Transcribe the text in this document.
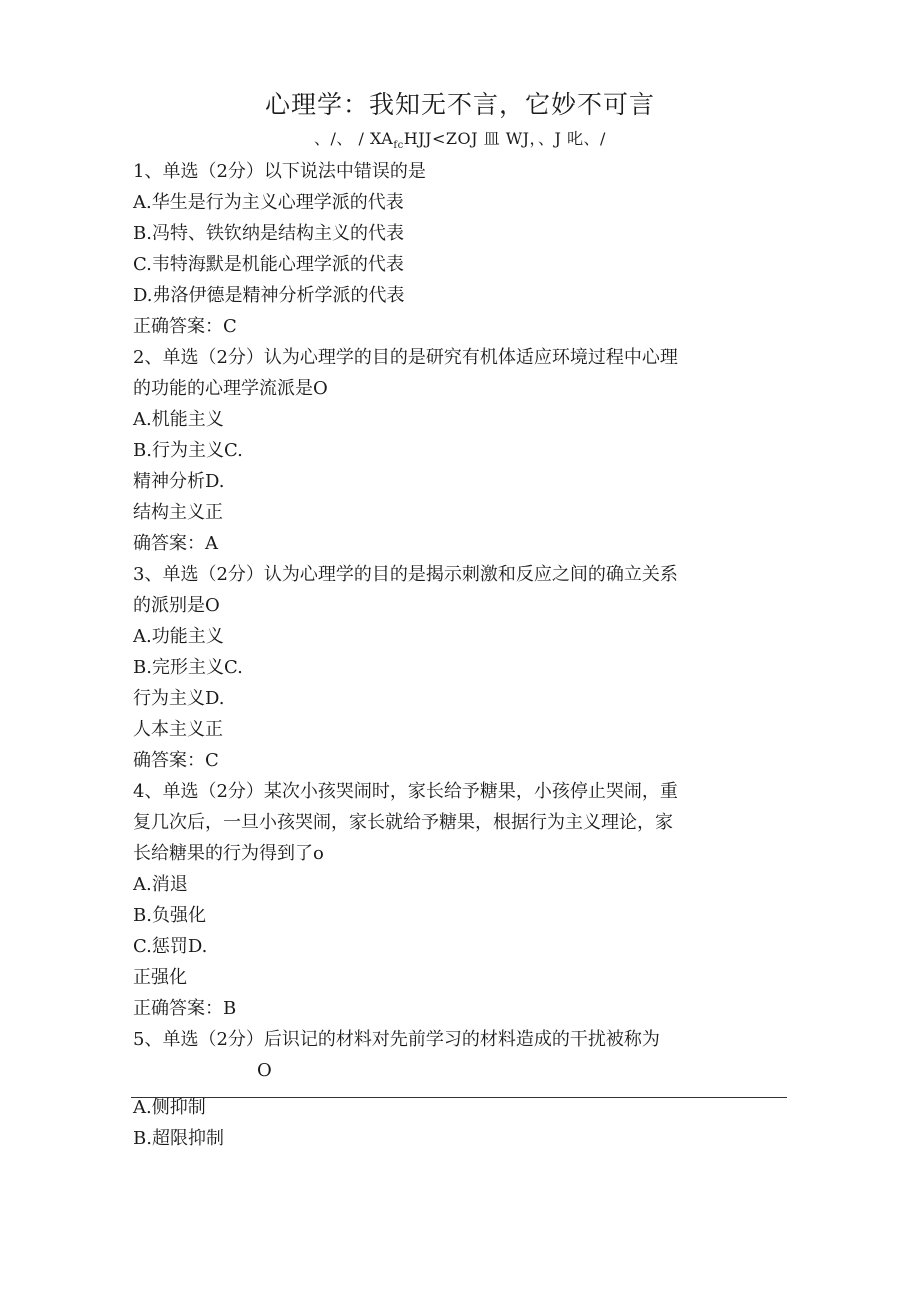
心理学：我知无不言，它妙不可言
、/、 / $XA_{fc}HJJ<ZOJ$ 皿 WJ，、J 叱、/
1、单选（2分）以下说法中错误的是
A.华生是行为主义心理学派的代表
B.冯特、铁钦纳是结构主义的代表
C.韦特海默是机能心理学派的代表
D.弗洛伊德是精神分析学派的代表
正确答案：C
2、单选（2分）认为心理学的目的是研究有机体适应环境过程中心理
的功能的心理学流派是O
A.机能主义
B.行为主义C.
精神分析D.
结构主义正
确答案：A
3、单选（2分）认为心理学的目的是揭示刺激和反应之间的确立关系
的派别是O
A.功能主义
B.完形主义C.
行为主义D.
人本主义正
确答案：C
4、单选（2分）某次小孩哭闹时，家长给予糖果，小孩停止哭闹，重
复几次后，一旦小孩哭闹，家长就给予糖果，根据行为主义理论，家
长给糖果的行为得到了o
A.消退
B.负强化
C.惩罚D.
正强化
正确答案：B
5、单选（2分）后识记的材料对先前学习的材料造成的干扰被称为
O
A.侧抑制
B.超限抑制
